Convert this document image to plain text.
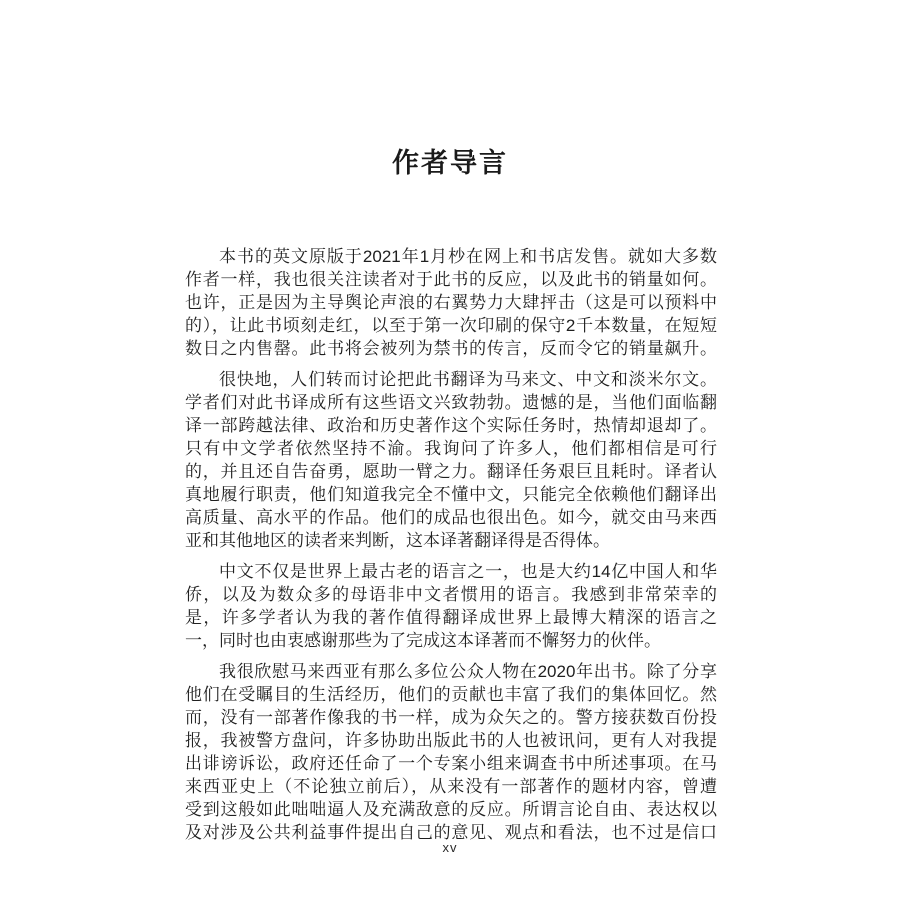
作者导言
本书的英文原版于2021年1月杪在网上和书店发售。就如大多数
作者一样，我也很关注读者对于此书的反应，以及此书的销量如何。
也许，正是因为主导舆论声浪的右翼势力大肆抨击（这是可以预料中
的），让此书顷刻走红，以至于第一次印刷的保守2千本数量，在短短
数日之内售罄。此书将会被列为禁书的传言，反而令它的销量飙升。
很快地，人们转而讨论把此书翻译为马来文、中文和淡米尔文。
学者们对此书译成所有这些语文兴致勃勃。遗憾的是，当他们面临翻
译一部跨越法律、政治和历史著作这个实际任务时，热情却退却了。
只有中文学者依然坚持不渝。我询问了许多人，他们都相信是可行
的，并且还自告奋勇，愿助一臂之力。翻译任务艰巨且耗时。译者认
真地履行职责，他们知道我完全不懂中文，只能完全依赖他们翻译出
高质量、高水平的作品。他们的成品也很出色。如今，就交由马来西
亚和其他地区的读者来判断，这本译著翻译得是否得体。
中文不仅是世界上最古老的语言之一，也是大约14亿中国人和华
侨，以及为数众多的母语非中文者惯用的语言。我感到非常荣幸的
是，许多学者认为我的著作值得翻译成世界上最博大精深的语言之
一，同时也由衷感谢那些为了完成这本译著而不懈努力的伙伴。
我很欣慰马来西亚有那么多位公众人物在2020年出书。除了分享
他们在受瞩目的生活经历，他们的贡献也丰富了我们的集体回忆。然
而，没有一部著作像我的书一样，成为众矢之的。警方接获数百份投
报，我被警方盘问，许多协助出版此书的人也被讯问，更有人对我提
出诽谤诉讼，政府还任命了一个专案小组来调查书中所述事项。在马
来西亚史上（不论独立前后），从来没有一部著作的题材内容，曾遭
受到这般如此咄咄逼人及充满敌意的反应。所谓言论自由、表达权以
及对涉及公共利益事件提出自己的意见、观点和看法，也不过是信口
xv
